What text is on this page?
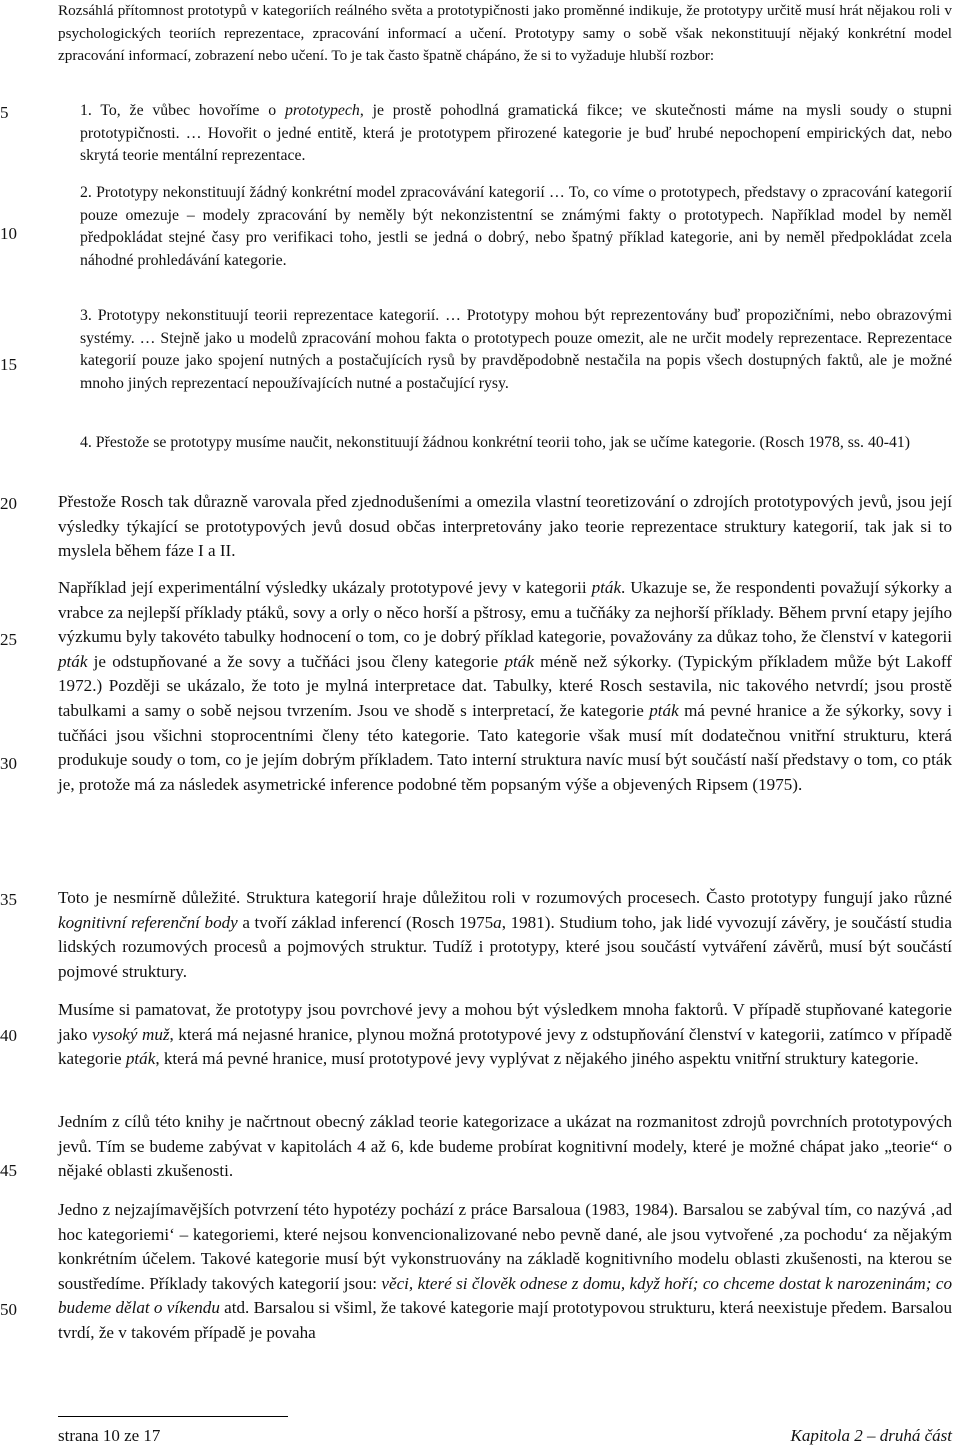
5
10
15
20
25
30
35
40
45
50

Rozsáhlá přítomnost prototypů v kategoriích reálného světa a prototypičnosti jako proměnné indikuje, že prototypy určitě musí hrát nějakou roli v psychologických teoriích reprezentace, zpracování informací a učení. Prototypy samy o sobě však nekonstituují nějaký konkrétní model zpracování informací, zobrazení nebo učení. To je tak často špatně chápáno, že si to vyžaduje hlubší rozbor:

1. To, že vůbec hovoříme o prototypech, je prostě pohodlná gramatická fikce; ve skutečnosti máme na mysli soudy o stupni prototypičnosti. … Hovořit o jedné entitě, která je prototypem přirozené kategorie je buď hrubé nepochopení empirických dat, nebo skrytá teorie mentální reprezentace.

2. Prototypy nekonstituují žádný konkrétní model zpracovávání kategorií … To, co víme o prototypech, představy o zpracování kategorií pouze omezuje – modely zpracování by neměly být nekonzistentní se známými fakty o prototypech. Například model by neměl předpokládat stejné časy pro verifikaci toho, jestli se jedná o dobrý, nebo špatný příklad kategorie, ani by neměl předpokládat zcela náhodné prohledávání kategorie.

3. Prototypy nekonstituují teorii reprezentace kategorií. … Prototypy mohou být reprezentovány buď propozičními, nebo obrazovými systémy. … Stejně jako u modelů zpracování mohou fakta o prototypech pouze omezit, ale ne určit modely reprezentace. Reprezentace kategorií pouze jako spojení nutných a postačujících rysů by pravděpodobně nestačila na popis všech dostupných faktů, ale je možné mnoho jiných reprezentací nepoužívajících nutné a postačující rysy.

4. Přestože se prototypy musíme naučit, nekonstituují žádnou konkrétní teorii toho, jak se učíme kategorie. (Rosch 1978, ss. 40-41)

Přestože Rosch tak důrazně varovala před zjednodušeními a omezila vlastní teoretizování o zdrojích prototypových jevů, jsou její výsledky týkající se prototypových jevů dosud občas interpretovány jako teorie reprezentace struktury kategorií, tak jak si to myslela během fáze I a II.

Například její experimentální výsledky ukázaly prototypové jevy v kategorii pták. Ukazuje se, že respondenti považují sýkorky a vrabce za nejlepší příklady ptáků, sovy a orly o něco horší a pštrosy, emu a tučňáky za nejhorší příklady. Během první etapy jejího výzkumu byly takovéto tabulky hodnocení o tom, co je dobrý příklad kategorie, považovány za důkaz toho, že členství v kategorii pták je odstupňované a že sovy a tučňáci jsou členy kategorie pták méně než sýkorky. (Typickým příkladem může být Lakoff 1972.) Později se ukázalo, že toto je mylná interpretace dat. Tabulky, které Rosch sestavila, nic takového netvrdí; jsou prostě tabulkami a samy o sobě nejsou tvrzením. Jsou ve shodě s interpretací, že kategorie pták má pevné hranice a že sýkorky, sovy i tučňáci jsou všichni stoprocentními členy této kategorie. Tato kategorie však musí mít dodatečnou vnitřní strukturu, která produkuje soudy o tom, co je jejím dobrým příkladem. Tato interní struktura navíc musí být součástí naší představy o tom, co pták je, protože má za následek asymetrické inference podobné těm popsaným výše a objevených Ripsem (1975).

Toto je nesmírně důležité. Struktura kategorií hraje důležitou roli v rozumových procesech. Často prototypy fungují jako různé kognitivní referenční body a tvoří základ inferencí (Rosch 1975a, 1981). Studium toho, jak lidé vyvozují závěry, je součástí studia lidských rozumových procesů a pojmových struktur. Tudíž i prototypy, které jsou součástí vytváření závěrů, musí být součástí pojmové struktury.

Musíme si pamatovat, že prototypy jsou povrchové jevy a mohou být výsledkem mnoha faktorů. V případě stupňované kategorie jako vysoký muž, která má nejasné hranice, plynou možná prototypové jevy z odstupňování členství v kategorii, zatímco v případě kategorie pták, která má pevné hranice, musí prototypové jevy vyplývat z nějakého jiného aspektu vnitřní struktury kategorie.

Jedním z cílů této knihy je načrtnout obecný základ teorie kategorizace a ukázat na rozmanitost zdrojů povrchních prototypových jevů. Tím se budeme zabývat v kapitolách 4 až 6, kde budeme probírat kognitivní modely, které je možné chápat jako „teorie“ o nějaké oblasti zkušenosti.

Jedno z nejzajímavějších potvrzení této hypotézy pochází z práce Barsaloua (1983, 1984). Barsalou se zabýval tím, co nazývá ‚ad hoc kategoriemi‘ – kategoriemi, které nejsou konvencionalizované nebo pevně dané, ale jsou vytvořené ‚za pochodu‘ za nějakým konkrétním účelem. Takové kategorie musí být vykonstruovány na základě kognitivního modelu oblasti zkušenosti, na kterou se soustředíme. Příklady takových kategorií jsou: věci, které si člověk odnese z domu, když hoří; co chceme dostat k narozeninám; co budeme dělat o víkendu atd. Barsalou si všiml, že takové kategorie mají prototypovou strukturu, která neexistuje předem. Barsalou tvrdí, že v takovém případě je povaha

strana 10 ze 17	Kapitola 2 – druhá část
